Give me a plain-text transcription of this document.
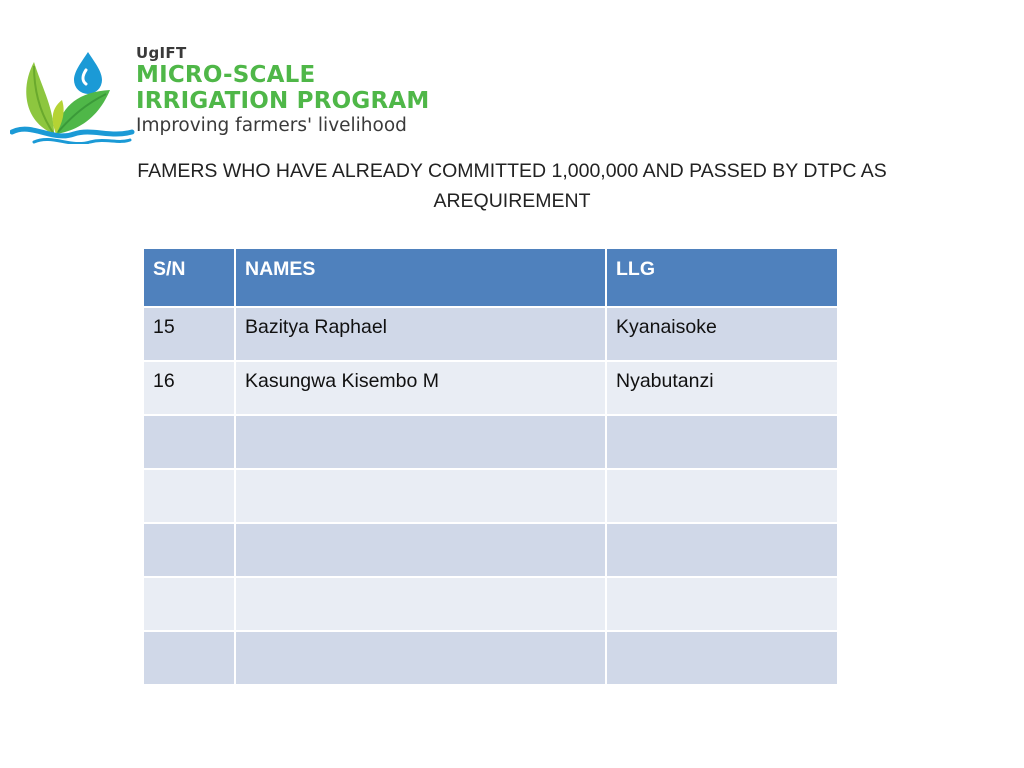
UgIFT
MICRO-SCALE
IRRIGATION PROGRAM
Improving farmers' livelihood
FAMERS WHO HAVE ALREADY COMMITTED 1,000,000 AND PASSED BY DTPC AS
AREQUIREMENT
S/N	NAMES	LLG
15	Bazitya Raphael	Kyanaisoke
16	Kasungwa Kisembo M	Nyabutanzi
